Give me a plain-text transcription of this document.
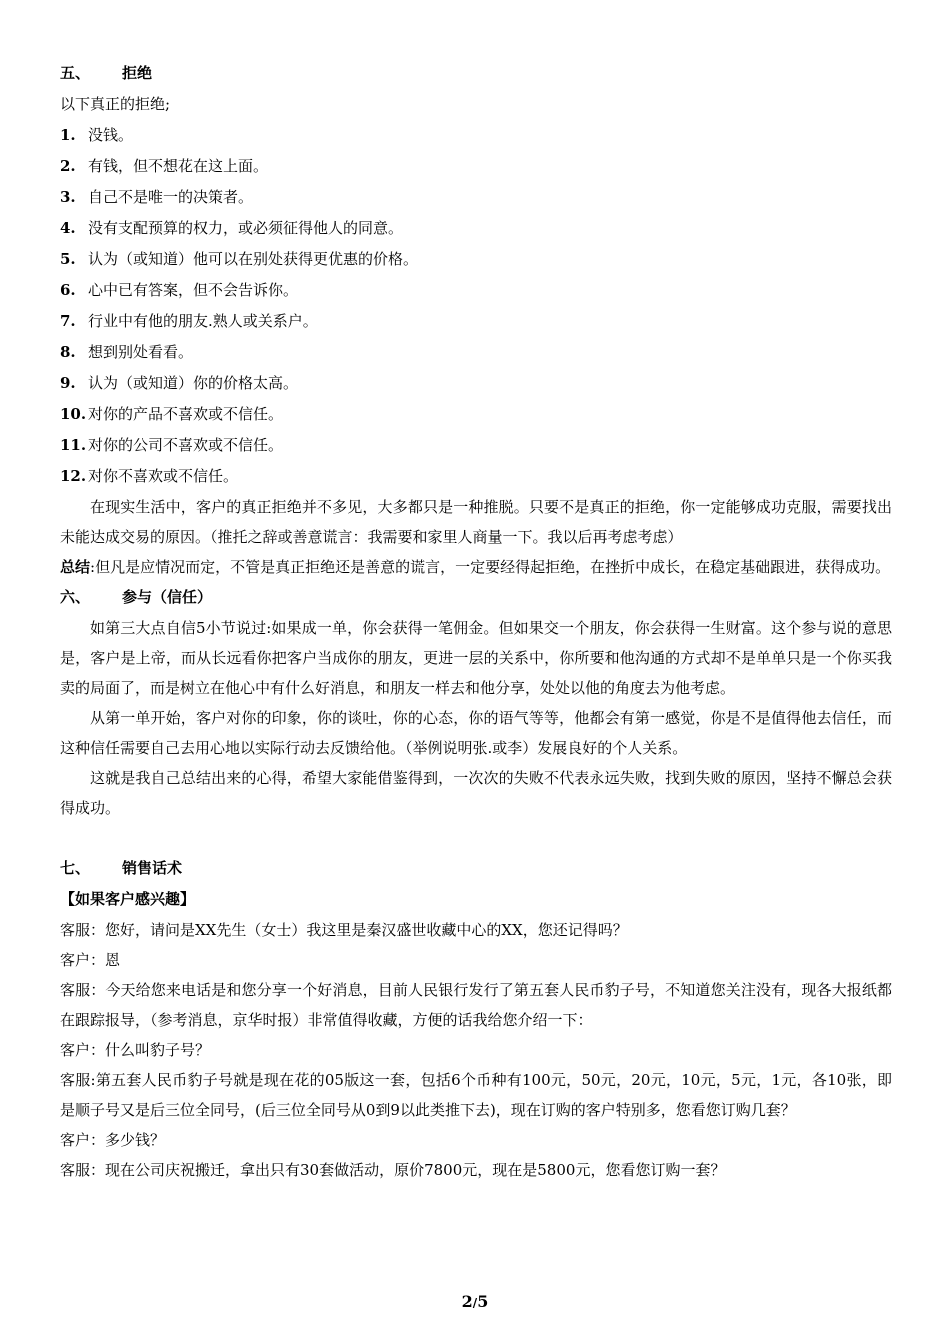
五、 拒绝
以下真正的拒绝;
1. 没钱。
2. 有钱，但不想花在这上面。
3. 自己不是唯一的决策者。
4. 没有支配预算的权力，或必须征得他人的同意。
5. 认为（或知道）他可以在别处获得更优惠的价格。
6. 心中已有答案，但不会告诉你。
7. 行业中有他的朋友.熟人或关系户。
8. 想到别处看看。
9. 认为（或知道）你的价格太高。
10. 对你的产品不喜欢或不信任。
11. 对你的公司不喜欢或不信任。
12. 对你不喜欢或不信任。

在现实生活中，客户的真正拒绝并不多见，大多都只是一种推脱。只要不是真正的拒绝，你一定能够成功克服，需要找出未能达成交易的原因。（推托之辞或善意谎言：我需要和家里人商量一下。我以后再考虑考虑）

总结:但凡是应情况而定，不管是真正拒绝还是善意的谎言，一定要经得起拒绝，在挫折中成长，在稳定基础跟进，获得成功。

六、 参与（信任）

如第三大点自信5小节说过:如果成一单，你会获得一笔佣金。但如果交一个朋友，你会获得一生财富。这个参与说的意思是，客户是上帝，而从长远看你把客户当成你的朋友，更进一层的关系中，你所要和他沟通的方式却不是单单只是一个你买我卖的局面了，而是树立在他心中有什么好消息，和朋友一样去和他分享，处处以他的角度去为他考虑。

从第一单开始，客户对你的印象，你的谈吐，你的心态，你的语气等等，他都会有第一感觉，你是不是值得他去信任，而这种信任需要自己去用心地以实际行动去反馈给他。（举例说明张.或李）发展良好的个人关系。

这就是我自己总结出来的心得，希望大家能借鉴得到，一次次的失败不代表永远失败，找到失败的原因，坚持不懈总会获得成功。

七、 销售话术
【如果客户感兴趣】

客服：您好，请问是XX先生（女士）我这里是秦汉盛世收藏中心的XX，您还记得吗？

客户：恩

客服：今天给您来电话是和您分享一个好消息，目前人民银行发行了第五套人民币豹子号，不知道您关注没有，现各大报纸都在跟踪报导，（参考消息，京华时报）非常值得收藏，方便的话我给您介绍一下：

客户：什么叫豹子号？

客服:第五套人民币豹子号就是现在花的05版这一套，包括6个币种有100元，50元，20元，10元，5元，1元，各10张，即是顺子号又是后三位全同号，(后三位全同号从0到9以此类推下去)，现在订购的客户特别多，您看您订购几套？

客户：多少钱？

客服：现在公司庆祝搬迁，拿出只有30套做活动，原价7800元，现在是5800元，您看您订购一套？

2/5
